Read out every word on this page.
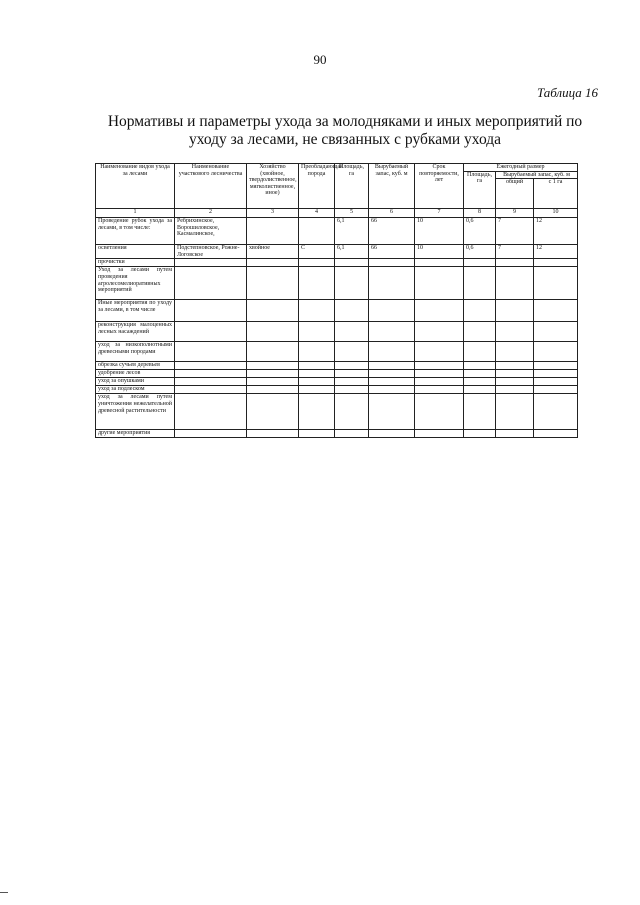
90
Таблица 16
Нормативы и параметры ухода за молодняками и иных мероприятий по
уходу за лесами, не связанных с рубками ухода
Наименование видов ухода за лесами	Наименование участкового лесничества	Хозяйство (хвойное, твердолиственное, мягколиственное, иное)	Преобладающая порода	Площадь, га	Вырубаемый запас, куб. м	Срок повторяемости, лет	Ежегодный размер		
							Площадь, га	Вырубаемый запас, куб. м	
								общий	с 1 га
1	2	3	4	5	6	7	8	9	10
Проведение рубок ухода за лесами, в том числе:	Ребрихинское, Ворошиловское, Касмалинское,			6,1	66	10	0,6	7	12
осветления	Подстепновское, Рожне-Логовское	хвойное	С	6,1	66	10	0,6	7	12
прочистки									
Уход за лесами путем проведения агролесомелиоративных мероприятий									
Иные мероприятия по уходу за лесами, в том числе									
реконструкция малоценных лесных насаждений									
уход за низкополнотными древесными породами									
обрезка сучьев деревьев									
удобрение лесов									
уход за опушками									
уход за подлеском									
уход за лесами путем уничтожения нежелательной древесной растительности									
другие мероприятия									
